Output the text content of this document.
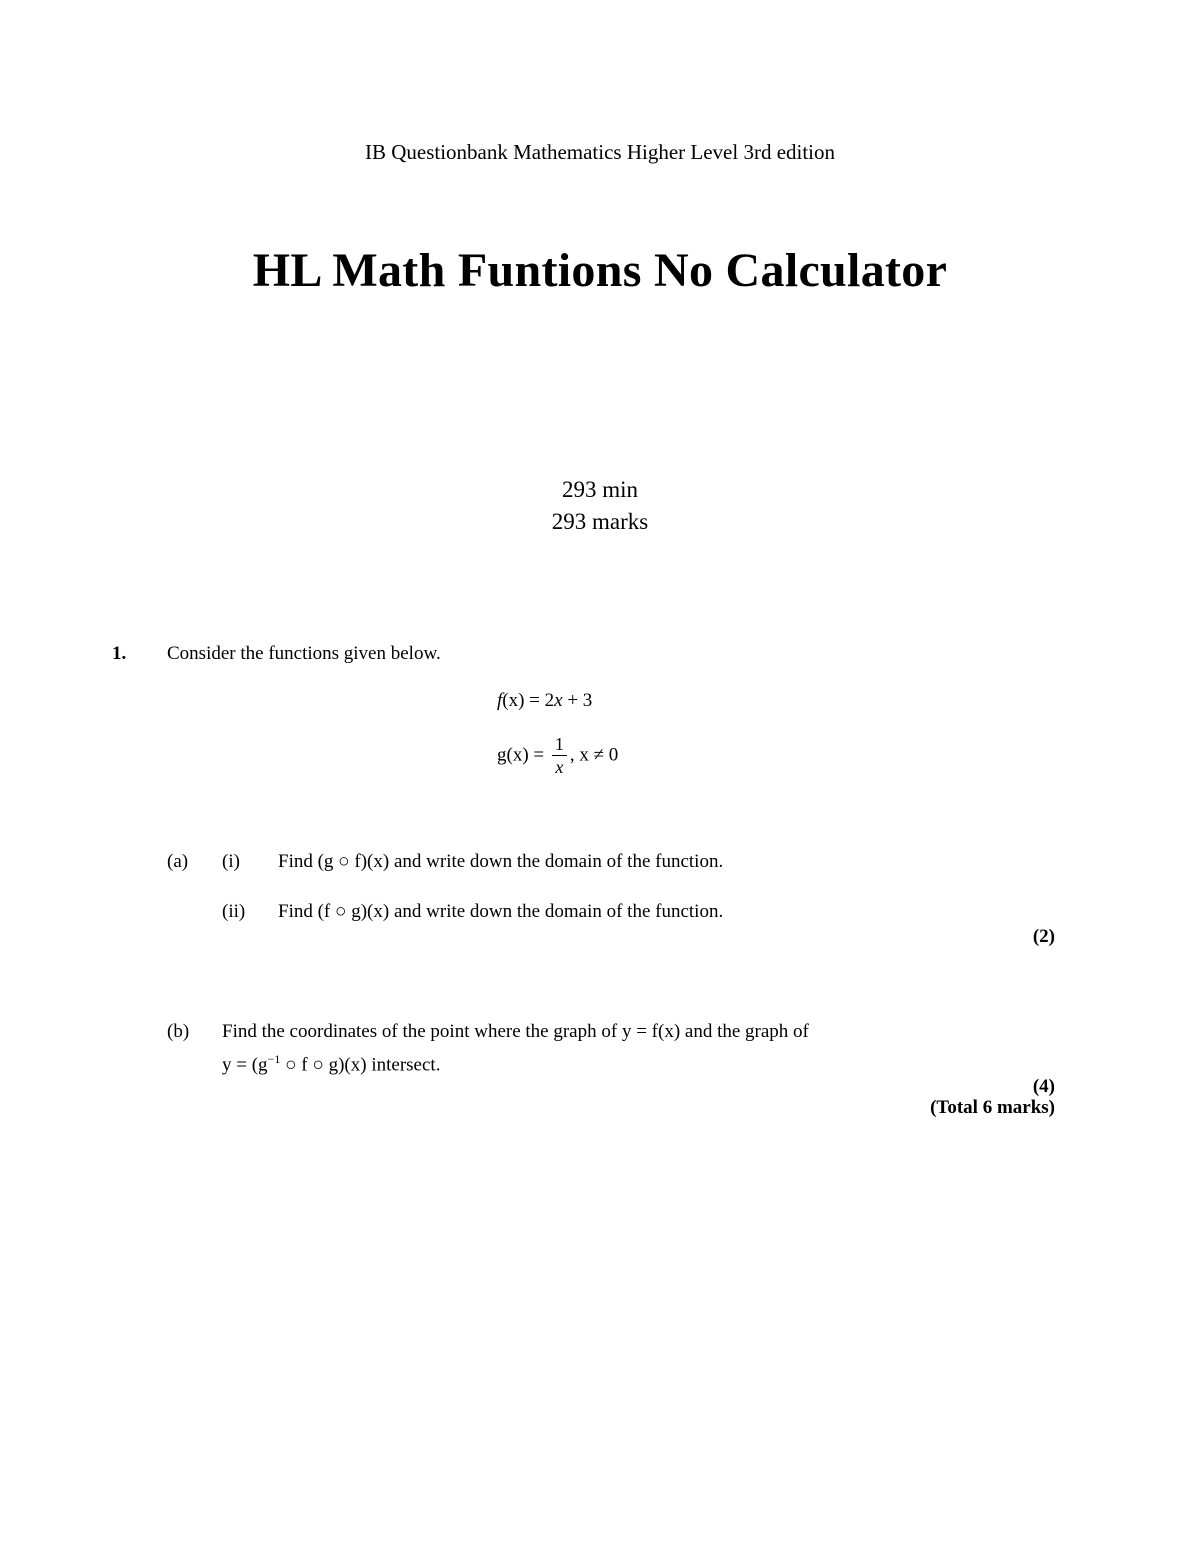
IB Questionbank Mathematics Higher Level 3rd edition
HL Math Funtions No Calculator
293 min
293 marks
1. Consider the functions given below.
f(x) = 2x + 3
$g(x) = \frac{1}{x}$ , x ≠ 0
(a) (i) Find (g ○ f)(x) and write down the domain of the function.
(ii) Find (f ○ g)(x) and write down the domain of the function.
(2)
(b) Find the coordinates of the point where the graph of y = f(x) and the graph of
$y = (g^{-1}$ ○ f ○ g)(x) intersect.
(4)
(Total 6 marks)
